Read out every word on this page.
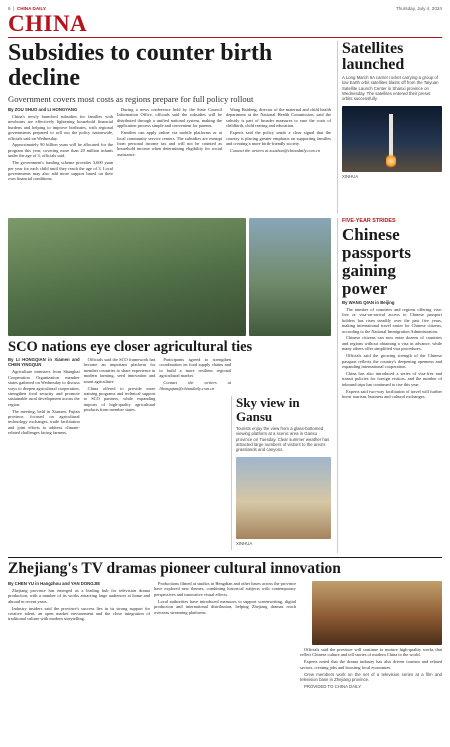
6  |  CHINA DAILY	Thursday, July 4, 2024
CHINA
Subsidies to counter birth decline

Government covers most costs as regions prepare for full policy rollout

By ZOU SHUO and LI HONGYANG

China's newly launched subsidies for families with newborns are effectively lightening household financial burdens and helping to improve birthrates, with regional governments prepared to roll out the policy nationwide, officials said on Wednesday.

Approximately 90 billion yuan will be allocated for the program this year, covering more than 20 million infants under the age of 3, officials said.

The government's funding scheme provides 3,600 yuan per year for each child until they reach the age of 3. Local governments may also add more support based on their own financial conditions.

During a news conference held by the State Council Information Office, officials said the subsidies will be distributed through a unified national system, making the application process simple and convenient for parents.

Families can apply online via mobile platforms or at local community service centers. The subsidies are exempt from personal income tax and will not be counted as household income when determining eligibility for social assistance.

Wang Haidong, director of the maternal and child health department at the National Health Commission, said the subsidy is part of broader measures to ease the costs of childbirth, child rearing and education.

Experts said the policy sends a clear signal that the country is placing greater emphasis on supporting families and creating a more birth-friendly society.

Contact the writers at zoushuo@chinadaily.com.cn

Satellites launched

A Long March 6A carrier rocket carrying a group of low Earth orbit satellites blasts off from the Taiyuan Satellite Launch Center in Shanxi province on Wednesday. The satellites entered their preset orbits successfully.

XINHUA

SCO nations eye closer agricultural ties

By LI HONGQIAN in Xiamen and CHEN YINGQUN

Agriculture ministers from Shanghai Cooperation Organization member states gathered on Wednesday to discuss ways to deepen agricultural cooperation, strengthen food security and promote sustainable rural development across the region.

The meeting, held in Xiamen, Fujian province, focused on agricultural technology exchanges, trade facilitation and joint efforts to address climate-related challenges facing farmers.

Officials said the SCO framework has become an important platform for member countries to share experience in modern farming, seed innovation and smart agriculture.

China offered to provide more training programs and technical support to SCO partners, while expanding imports of high-quality agricultural products from member states.

Participants agreed to strengthen coordination on food supply chains and to build a more resilient regional agricultural market.

Contact the writers at lihongqian@chinadaily.com.cn

Sky view in Gansu

Tourists enjoy the view from a glass-bottomed viewing platform at a scenic area in Gansu province on Tuesday. Clear summer weather has attracted large numbers of visitors to the area's grasslands and canyons.

XINHUA

FIVE-YEAR STRIDES

Chinese passports gaining power

By WANG QIAN in Beijing

The number of countries and regions offering visa-free or visa-on-arrival access to Chinese passport holders has risen steadily over the past five years, making international travel easier for Chinese citizens, according to the National Immigration Administration.

Chinese citizens can now enter dozens of countries and regions without obtaining a visa in advance, while many others offer simplified visa procedures.

Officials said the growing strength of the Chinese passport reflects the country's deepening openness and expanding international cooperation.

China has also introduced a series of visa-free and transit policies for foreign visitors, and the number of inbound trips has continued to rise this year.

Experts said two-way facilitation of travel will further boost tourism, business and cultural exchanges.

Zhejiang's TV dramas pioneer cultural innovation

By CHEN YU in Hangzhou and YAN DONGJIE

Zhejiang province has emerged as a leading hub for television drama production, with a number of its works attracting large audiences at home and abroad in recent years.

Industry insiders said the province's success lies in its strong support for creative talent, an open market environment and the close integration of traditional culture with modern storytelling.

Productions filmed at studios in Hengdian and other bases across the province have explored new themes, combining historical subjects with contemporary perspectives and innovative visual effects.

Local authorities have introduced measures to support screenwriting, digital production and international distribution, helping Zhejiang dramas reach overseas streaming platforms.

Officials said the province will continue to nurture high-quality works that reflect Chinese culture and tell stories of modern China to the world.

Experts noted that the drama industry has also driven tourism and related sectors, creating jobs and boosting local economies.

Crew members work on the set of a television series at a film and television base in Zhejiang province.

PROVIDED TO CHINA DAILY
